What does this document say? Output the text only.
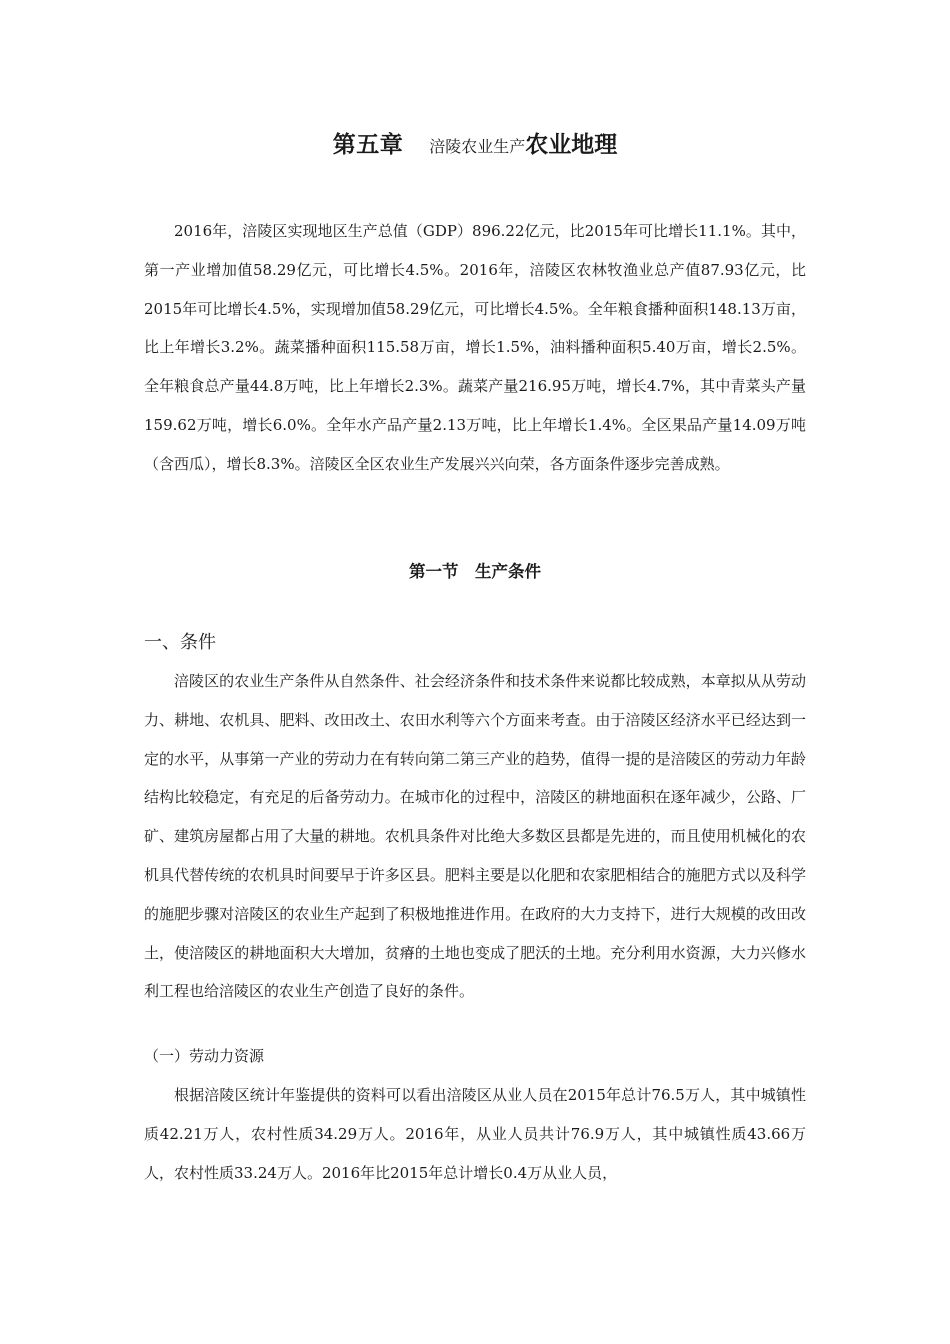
第五章 涪陵农业生产农业地理

2016年，涪陵区实现地区生产总值（GDP）896.22亿元，比2015年可比增长11.1%。其中，第一产业增加值58.29亿元，可比增长4.5%。2016年，涪陵区农林牧渔业总产值87.93亿元，比2015年可比增长4.5%，实现增加值58.29亿元，可比增长4.5%。全年粮食播种面积148.13万亩，比上年增长3.2%。蔬菜播种面积115.58万亩，增长1.5%，油料播种面积5.40万亩，增长2.5%。全年粮食总产量44.8万吨，比上年增长2.3%。蔬菜产量216.95万吨，增长4.7%，其中青菜头产量159.62万吨，增长6.0%。全年水产品产量2.13万吨，比上年增长1.4%。全区果品产量14.09万吨（含西瓜），增长8.3%。涪陵区全区农业生产发展兴兴向荣，各方面条件逐步完善成熟。

第一节　生产条件
一、条件

涪陵区的农业生产条件从自然条件、社会经济条件和技术条件来说都比较成熟，本章拟从从劳动力、耕地、农机具、肥料、改田改土、农田水利等六个方面来考查。由于涪陵区经济水平已经达到一定的水平，从事第一产业的劳动力在有转向第二第三产业的趋势，值得一提的是涪陵区的劳动力年龄结构比较稳定，有充足的后备劳动力。在城市化的过程中，涪陵区的耕地面积在逐年减少，公路、厂矿、建筑房屋都占用了大量的耕地。农机具条件对比绝大多数区县都是先进的，而且使用机械化的农机具代替传统的农机具时间要早于许多区县。肥料主要是以化肥和农家肥相结合的施肥方式以及科学的施肥步骤对涪陵区的农业生产起到了积极地推进作用。在政府的大力支持下，进行大规模的改田改土，使涪陵区的耕地面积大大增加，贫瘠的土地也变成了肥沃的土地。充分利用水资源，大力兴修水利工程也给涪陵区的农业生产创造了良好的条件。

（一）劳动力资源

根据涪陵区统计年鉴提供的资料可以看出涪陵区从业人员在2015年总计76.5万人，其中城镇性质42.21万人，农村性质34.29万人。2016年，从业人员共计76.9万人，其中城镇性质43.66万人，农村性质33.24万人。2016年比2015年总计增长0.4万从业人员，
